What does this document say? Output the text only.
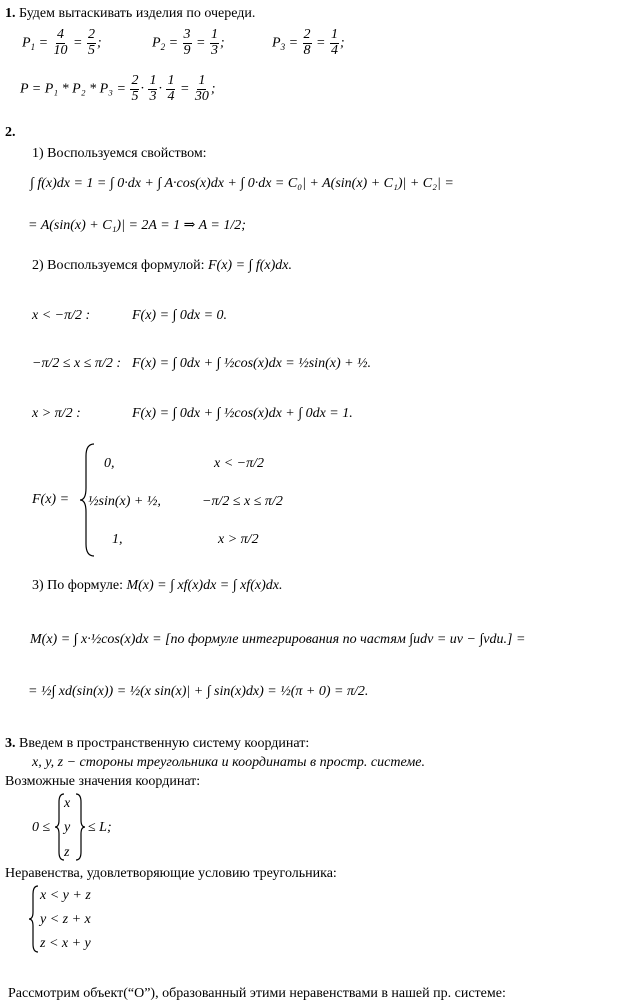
1. Будем вытаскивать изделия по очереди.
$P_1 = \frac{4}{10} = \frac{2}{5}$ ;	$P_2 = \frac{3}{9} = \frac{1}{3}$ ;	$P_3 = \frac{2}{8} = \frac{1}{4}$ ;
$P = P_1 * P_2 * P_3 = \frac{2}{5} \cdot \frac{1}{3} \cdot \frac{1}{4} = \frac{1}{30}$ ;
2.
1) Воспользуемся свойством:
∫ f(x)dx = 1 = ∫ 0·dx + ∫ A·cos(x)dx + ∫ 0·dx = C₀| + A(sin(x) + C₁)| + C₂| =
= A(sin(x) + C₁)| = 2A = 1 ⇒ A = 1/2;
2) Воспользуемся формулой: F(x) = ∫ f(x)dx.
x < −π/2 :	F(x) = ∫ 0dx = 0.
−π/2 ≤ x ≤ π/2 : F(x) = ∫ 0dx + ∫ ½cos(x)dx = ½sin(x) + ½.
x > π/2 :	F(x) = ∫ 0dx + ∫ ½cos(x)dx + ∫ 0dx = 1.
F(x) =
0,	x < −π/2
½sin(x) + ½,	−π/2 ≤ x ≤ π/2
1,	x > π/2
3) По формуле: M(x) = ∫ xf(x)dx = ∫ xf(x)dx.
M(x) = ∫ x·½cos(x)dx = [по формуле интегрирования по частям ∫udv = uv − ∫vdu.] =
= ½∫ xd(sin(x)) = ½(x sin(x)| + ∫ sin(x)dx) = ½(π + 0) = π/2.
3. Введем в пространственную систему координат:
x, y, z − стороны треугольника и координаты в простр. системе.
Возможные значения координат:
0 ≤
x
y
z
≤ L;
Неравенства, удовлетворяющие условию треугольника:
x < y + z
y < z + x
z < x + y
Рассмотрим объект(“О”), образованный этими неравенствами в нашей пр. системе:
